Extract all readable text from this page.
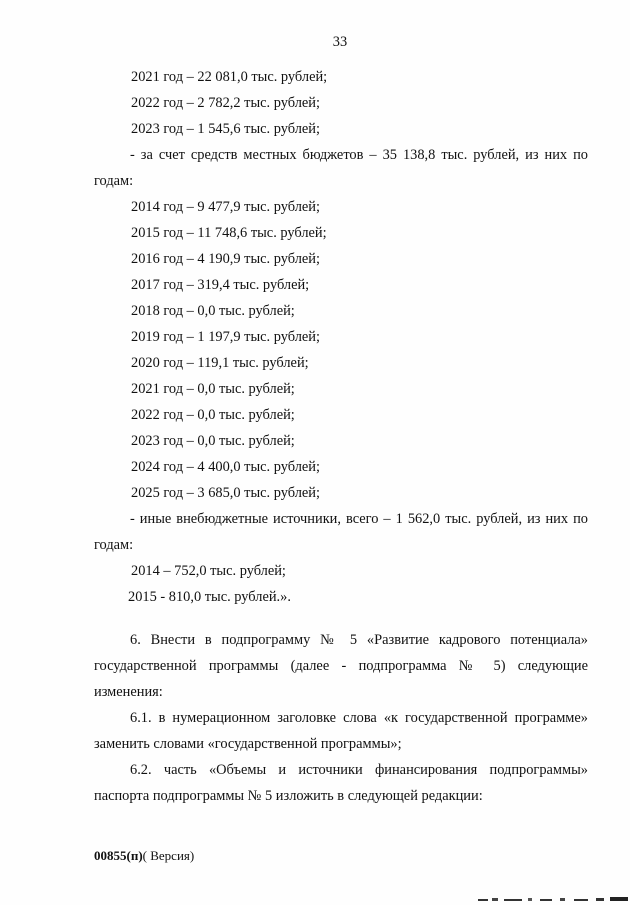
33
2021 год – 22 081,0 тыс. рублей;
2022 год – 2 782,2 тыс. рублей;
2023 год – 1 545,6 тыс. рублей;
- за счет средств местных бюджетов – 35 138,8 тыс. рублей, из них по
годам:
2014 год – 9 477,9 тыс. рублей;
2015 год – 11 748,6 тыс. рублей;
2016 год – 4 190,9 тыс. рублей;
2017 год – 319,4 тыс. рублей;
2018 год – 0,0 тыс. рублей;
2019 год – 1 197,9 тыс. рублей;
2020 год – 119,1 тыс. рублей;
2021 год – 0,0 тыс. рублей;
2022 год – 0,0 тыс. рублей;
2023 год – 0,0 тыс. рублей;
2024 год – 4 400,0 тыс. рублей;
2025 год – 3 685,0 тыс. рублей;
- иные внебюджетные источники, всего – 1 562,0 тыс. рублей, из них по
годам:
2014 – 752,0 тыс. рублей;
2015 - 810,0 тыс. рублей.».
6. Внести в подпрограмму № 5 «Развитие кадрового потенциала»
государственной программы (далее - подпрограмма № 5) следующие
изменения:
6.1. в нумерационном заголовке слова «к государственной программе»
заменить словами «государственной программы»;
6.2. часть «Объемы и источники финансирования подпрограммы»
паспорта подпрограммы № 5 изложить в следующей редакции:
00855(п)( Версия)
